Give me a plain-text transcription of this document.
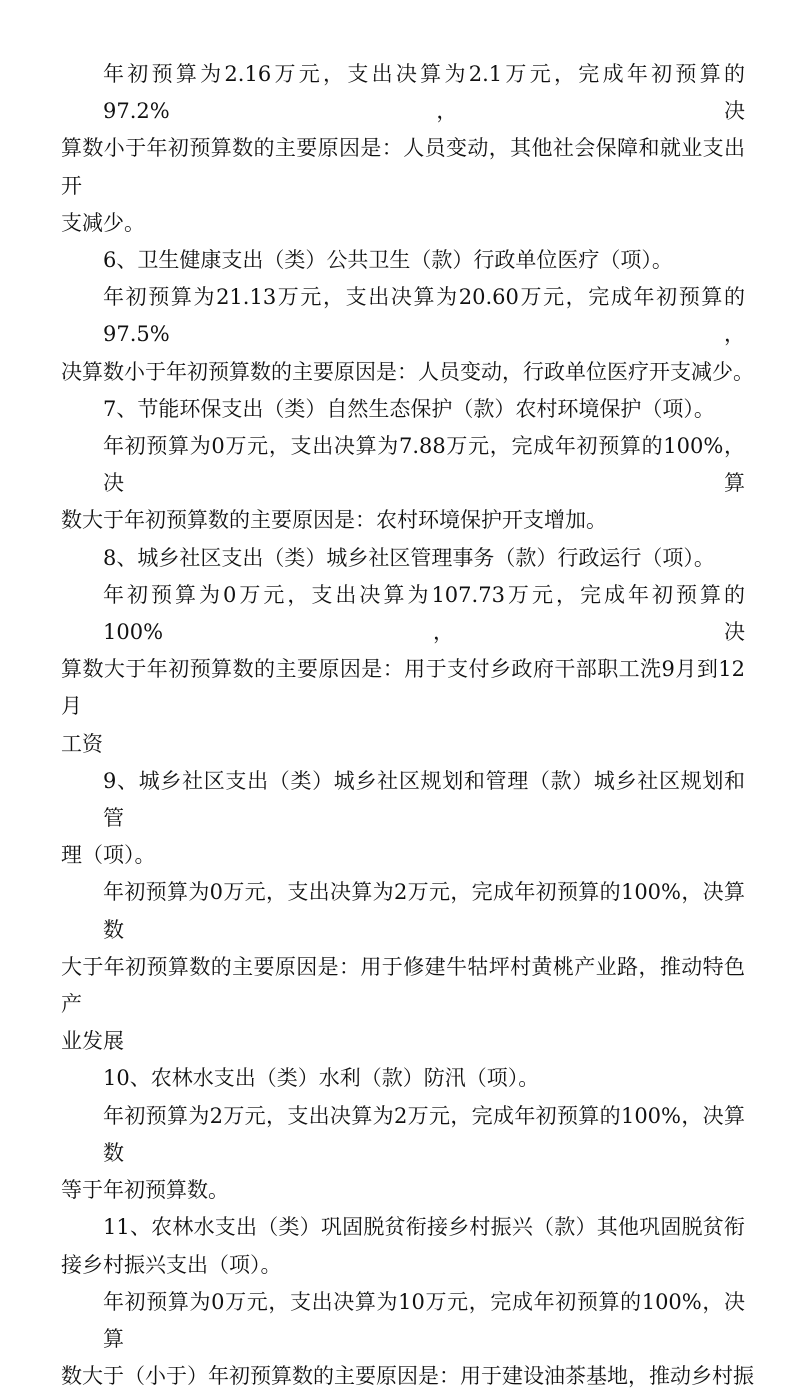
年初预算为2.16万元，支出决算为2.1万元，完成年初预算的97.2%，决
算数小于年初预算数的主要原因是：人员变动，其他社会保障和就业支出开
支减少。
6、卫生健康支出（类）公共卫生（款）行政单位医疗（项）。
年初预算为21.13万元，支出决算为20.60万元，完成年初预算的97.5%，
决算数小于年初预算数的主要原因是：人员变动，行政单位医疗开支减少。
7、节能环保支出（类）自然生态保护（款）农村环境保护（项）。
年初预算为0万元，支出决算为7.88万元，完成年初预算的100%，决算
数大于年初预算数的主要原因是：农村环境保护开支增加。
8、城乡社区支出（类）城乡社区管理事务（款）行政运行（项）。
年初预算为0万元，支出决算为107.73万元，完成年初预算的100%，决
算数大于年初预算数的主要原因是：用于支付乡政府干部职工洗9月到12月
工资
9、城乡社区支出（类）城乡社区规划和管理（款）城乡社区规划和管
理（项）。
年初预算为0万元，支出决算为2万元，完成年初预算的100%，决算数
大于年初预算数的主要原因是：用于修建牛牯坪村黄桃产业路，推动特色产
业发展
10、农林水支出（类）水利（款）防汛（项）。
年初预算为2万元，支出决算为2万元，完成年初预算的100%，决算数
等于年初预算数。
11、农林水支出（类）巩固脱贫衔接乡村振兴（款）其他巩固脱贫衔
接乡村振兴支出（项）。
年初预算为0万元，支出决算为10万元，完成年初预算的100%，决算
数大于（小于）年初预算数的主要原因是：用于建设油茶基地，推动乡村振
